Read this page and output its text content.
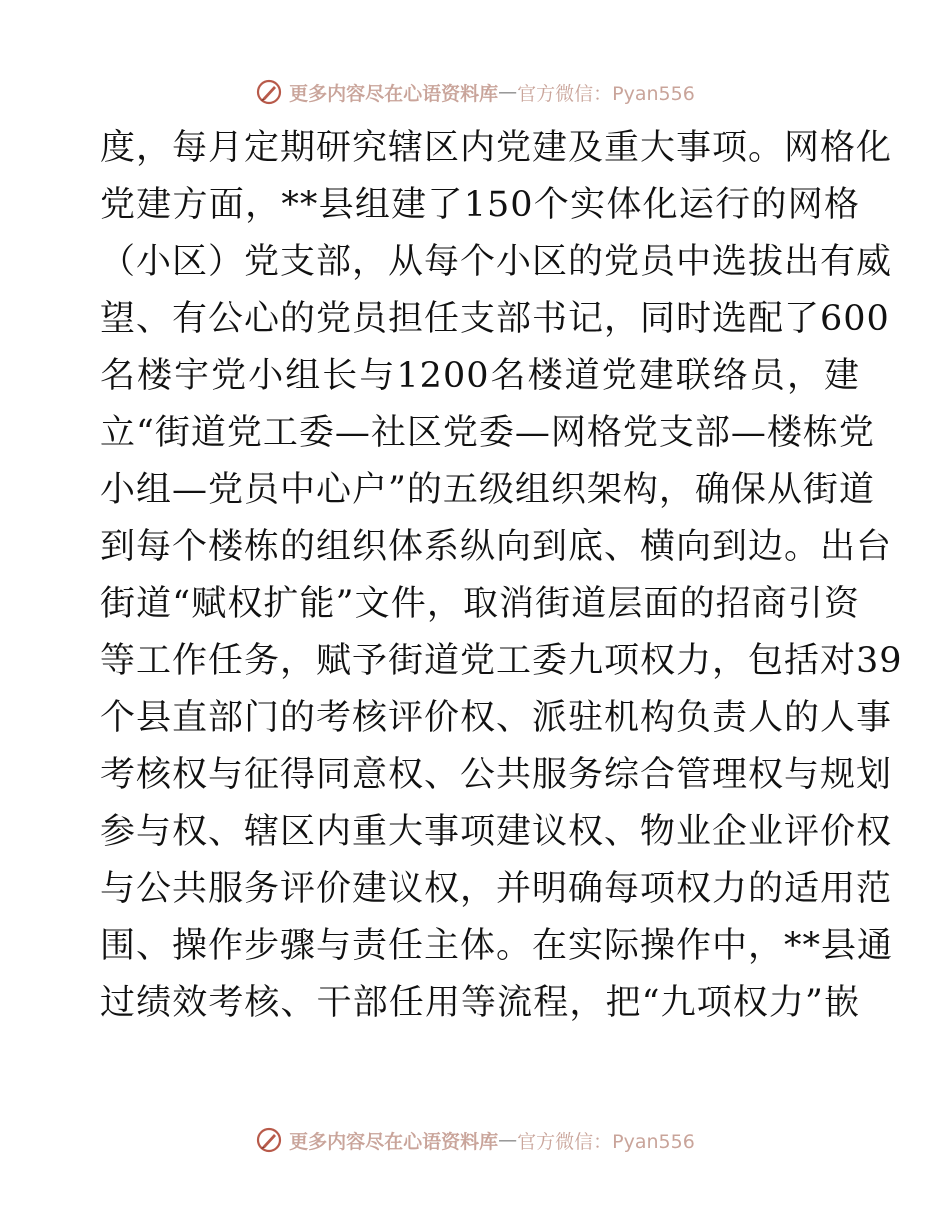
更多内容尽在心语资料库 — 官方微信：Pyan556
度，每月定期研究辖区内党建及重大事项。网格化
党建方面，**县组建了150个实体化运行的网格
（小区）党支部，从每个小区的党员中选拔出有威
望、有公心的党员担任支部书记，同时选配了600
名楼宇党小组长与1200名楼道党建联络员，建
立“街道党工委—社区党委—网格党支部—楼栋党
小组—党员中心户”的五级组织架构，确保从街道
到每个楼栋的组织体系纵向到底、横向到边。出台
街道“赋权扩能”文件，取消街道层面的招商引资
等工作任务，赋予街道党工委九项权力，包括对39
个县直部门的考核评价权、派驻机构负责人的人事
考核权与征得同意权、公共服务综合管理权与规划
参与权、辖区内重大事项建议权、物业企业评价权
与公共服务评价建议权，并明确每项权力的适用范
围、操作步骤与责任主体。在实际操作中，**县通
过绩效考核、干部任用等流程，把“九项权力”嵌
更多内容尽在心语资料库 — 官方微信：Pyan556
